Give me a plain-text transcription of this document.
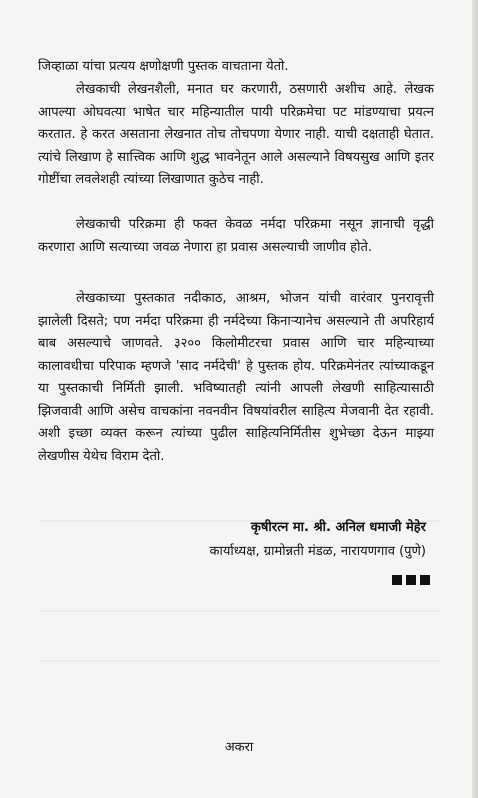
जिव्हाळा यांचा प्रत्यय क्षणोक्षणी पुस्तक वाचताना येतो.

लेखकाची लेखनशैली, मनात घर करणारी, ठसणारी अशीच आहे. लेखक आपल्या ओघवत्या भाषेत चार महिन्यातील पायी परिक्रमेचा पट मांडण्याचा प्रयत्न करतात. हे करत असताना लेखनात तोच तोचपणा येणार नाही. याची दक्षताही घेतात. त्यांचे लिखाण हे सात्त्विक आणि शुद्ध भावनेतून आले असल्याने विषयसुख आणि इतर गोष्टींचा लवलेशही त्यांच्या लिखाणात कुठेच नाही.

लेखकाची परिक्रमा ही फक्त केवळ नर्मदा परिक्रमा नसून ज्ञानाची वृद्धी करणारा आणि सत्याच्या जवळ नेणारा हा प्रवास असल्याची जाणीव होते.

लेखकाच्या पुस्तकात नदीकाठ, आश्रम, भोजन यांची वारंवार पुनरावृत्ती झालेली दिसते; पण नर्मदा परिक्रमा ही नर्मदेच्या किनाऱ्यानेच असल्याने ती अपरिहार्य बाब असल्याचे जाणवते. ३२०० किलोमीटरचा प्रवास आणि चार महिन्याच्या कालावधीचा परिपाक म्हणजे 'साद नर्मदेची' हे पुस्तक होय. परिक्रमेनंतर त्यांच्याकडून या पुस्तकाची निर्मिती झाली. भविष्यातही त्यांनी आपली लेखणी साहित्यासाठी झिजवावी आणि असेच वाचकांना नवनवीन विषयांवरील साहित्य मेजवानी देत रहावी. अशी इच्छा व्यक्त करून त्यांच्या पुढील साहित्यनिर्मितीस शुभेच्छा देऊन माझ्या लेखणीस येथेच विराम देतो.

कृषीरत्न मा. श्री. अनिल धमाजी मेहेर
कार्याध्यक्ष, ग्रामोन्नती मंडळ, नारायणगाव (पुणे)
अकरा
